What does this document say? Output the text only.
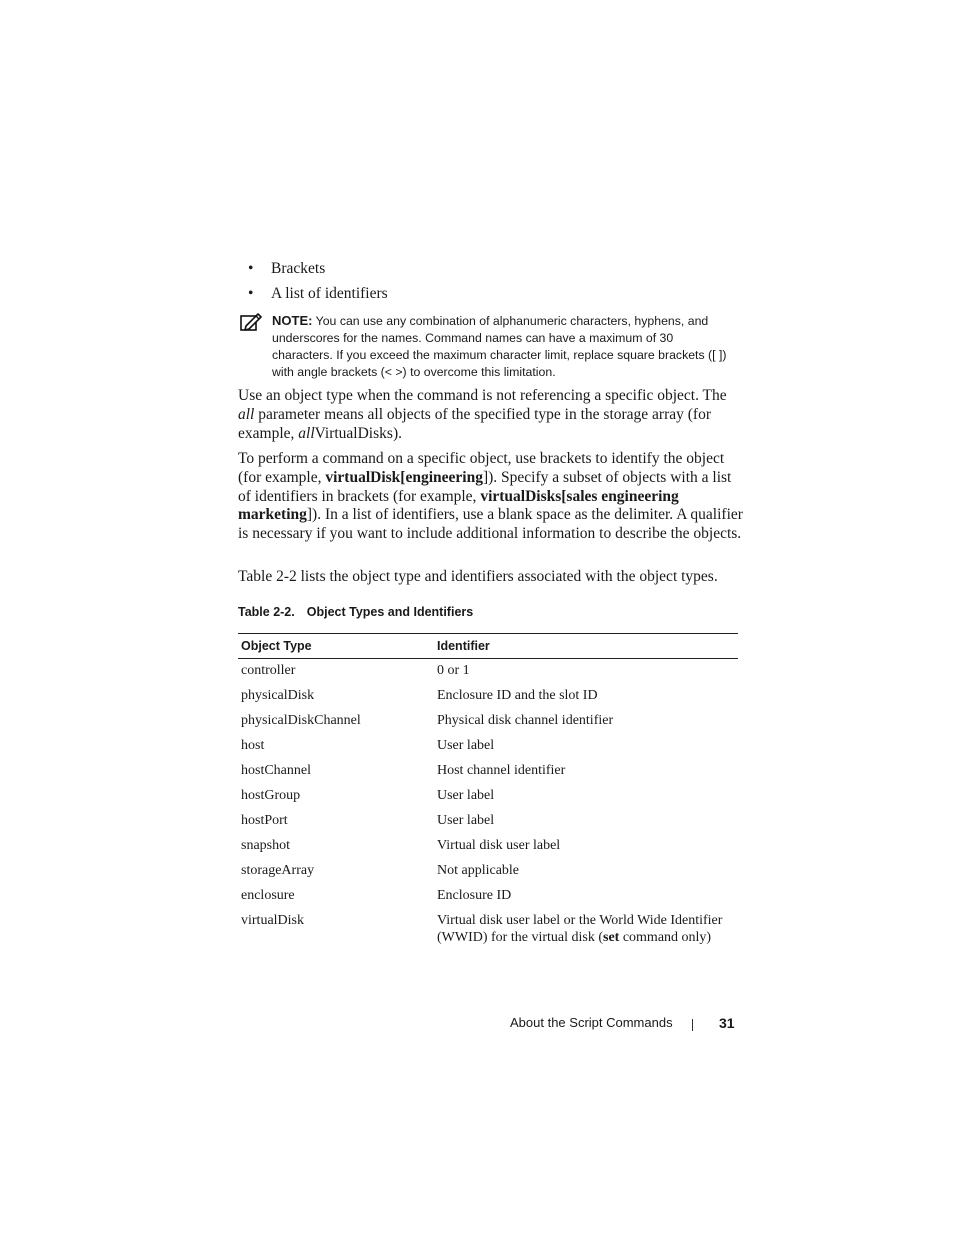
•	Brackets
•	A list of identifiers
NOTE: You can use any combination of alphanumeric characters, hyphens, and underscores for the names. Command names can have a maximum of 30 characters. If you exceed the maximum character limit, replace square brackets ([ ]) with angle brackets (< >) to overcome this limitation.

Use an object type when the command is not referencing a specific object. The all parameter means all objects of the specified type in the storage array (for example, allVirtualDisks).

To perform a command on a specific object, use brackets to identify the object (for example, virtualDisk[engineering]). Specify a subset of objects with a list of identifiers in brackets (for example, virtualDisks[sales engineering marketing]). In a list of identifiers, use a blank space as the delimiter. A qualifier is necessary if you want to include additional information to describe the objects.

Table 2-2 lists the object type and identifiers associated with the object types.

Table 2-2. Object Types and Identifiers
Object Type	Identifier
controller	0 or 1
physicalDisk	Enclosure ID and the slot ID
physicalDiskChannel	Physical disk channel identifier
host	User label
hostChannel	Host channel identifier
hostGroup	User label
hostPort	User label
snapshot	Virtual disk user label
storageArray	Not applicable
enclosure	Enclosure ID
virtualDisk	Virtual disk user label or the World Wide Identifier (WWID) for the virtual disk (set command only)
About the Script Commands	31
